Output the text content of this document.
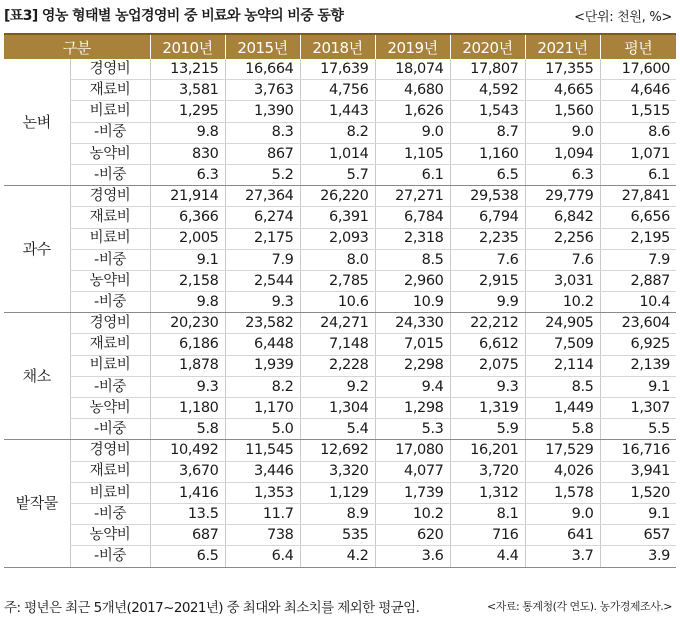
[표3] 영농 형태별 농업경영비 중 비료와 농약의 비중 동향	<단위: 천원, %>
구분		2010년	2015년	2018년	2019년	2020년	2021년	평년
논벼	경영비	13,215	16,664	17,639	18,074	17,807	17,355	17,600
	재료비	3,581	3,763	4,756	4,680	4,592	4,665	4,646
	비료비	1,295	1,390	1,443	1,626	1,543	1,560	1,515
	-비중	9.8	8.3	8.2	9.0	8.7	9.0	8.6
	농약비	830	867	1,014	1,105	1,160	1,094	1,071
	-비중	6.3	5.2	5.7	6.1	6.5	6.3	6.1
과수	경영비	21,914	27,364	26,220	27,271	29,538	29,779	27,841
	재료비	6,366	6,274	6,391	6,784	6,794	6,842	6,656
	비료비	2,005	2,175	2,093	2,318	2,235	2,256	2,195
	-비중	9.1	7.9	8.0	8.5	7.6	7.6	7.9
	농약비	2,158	2,544	2,785	2,960	2,915	3,031	2,887
	-비중	9.8	9.3	10.6	10.9	9.9	10.2	10.4
채소	경영비	20,230	23,582	24,271	24,330	22,212	24,905	23,604
	재료비	6,186	6,448	7,148	7,015	6,612	7,509	6,925
	비료비	1,878	1,939	2,228	2,298	2,075	2,114	2,139
	-비중	9.3	8.2	9.2	9.4	9.3	8.5	9.1
	농약비	1,180	1,170	1,304	1,298	1,319	1,449	1,307
	-비중	5.8	5.0	5.4	5.3	5.9	5.8	5.5
밭작물	경영비	10,492	11,545	12,692	17,080	16,201	17,529	16,716
	재료비	3,670	3,446	3,320	4,077	3,720	4,026	3,941
	비료비	1,416	1,353	1,129	1,739	1,312	1,578	1,520
	-비중	13.5	11.7	8.9	10.2	8.1	9.0	9.1
	농약비	687	738	535	620	716	641	657
	-비중	6.5	6.4	4.2	3.6	4.4	3.7	3.9
주: 평년은 최근 5개년(2017~2021년) 중 최대와 최소치를 제외한 평균임.	<자료: 통계청(각 연도). 농가경제조사.>
